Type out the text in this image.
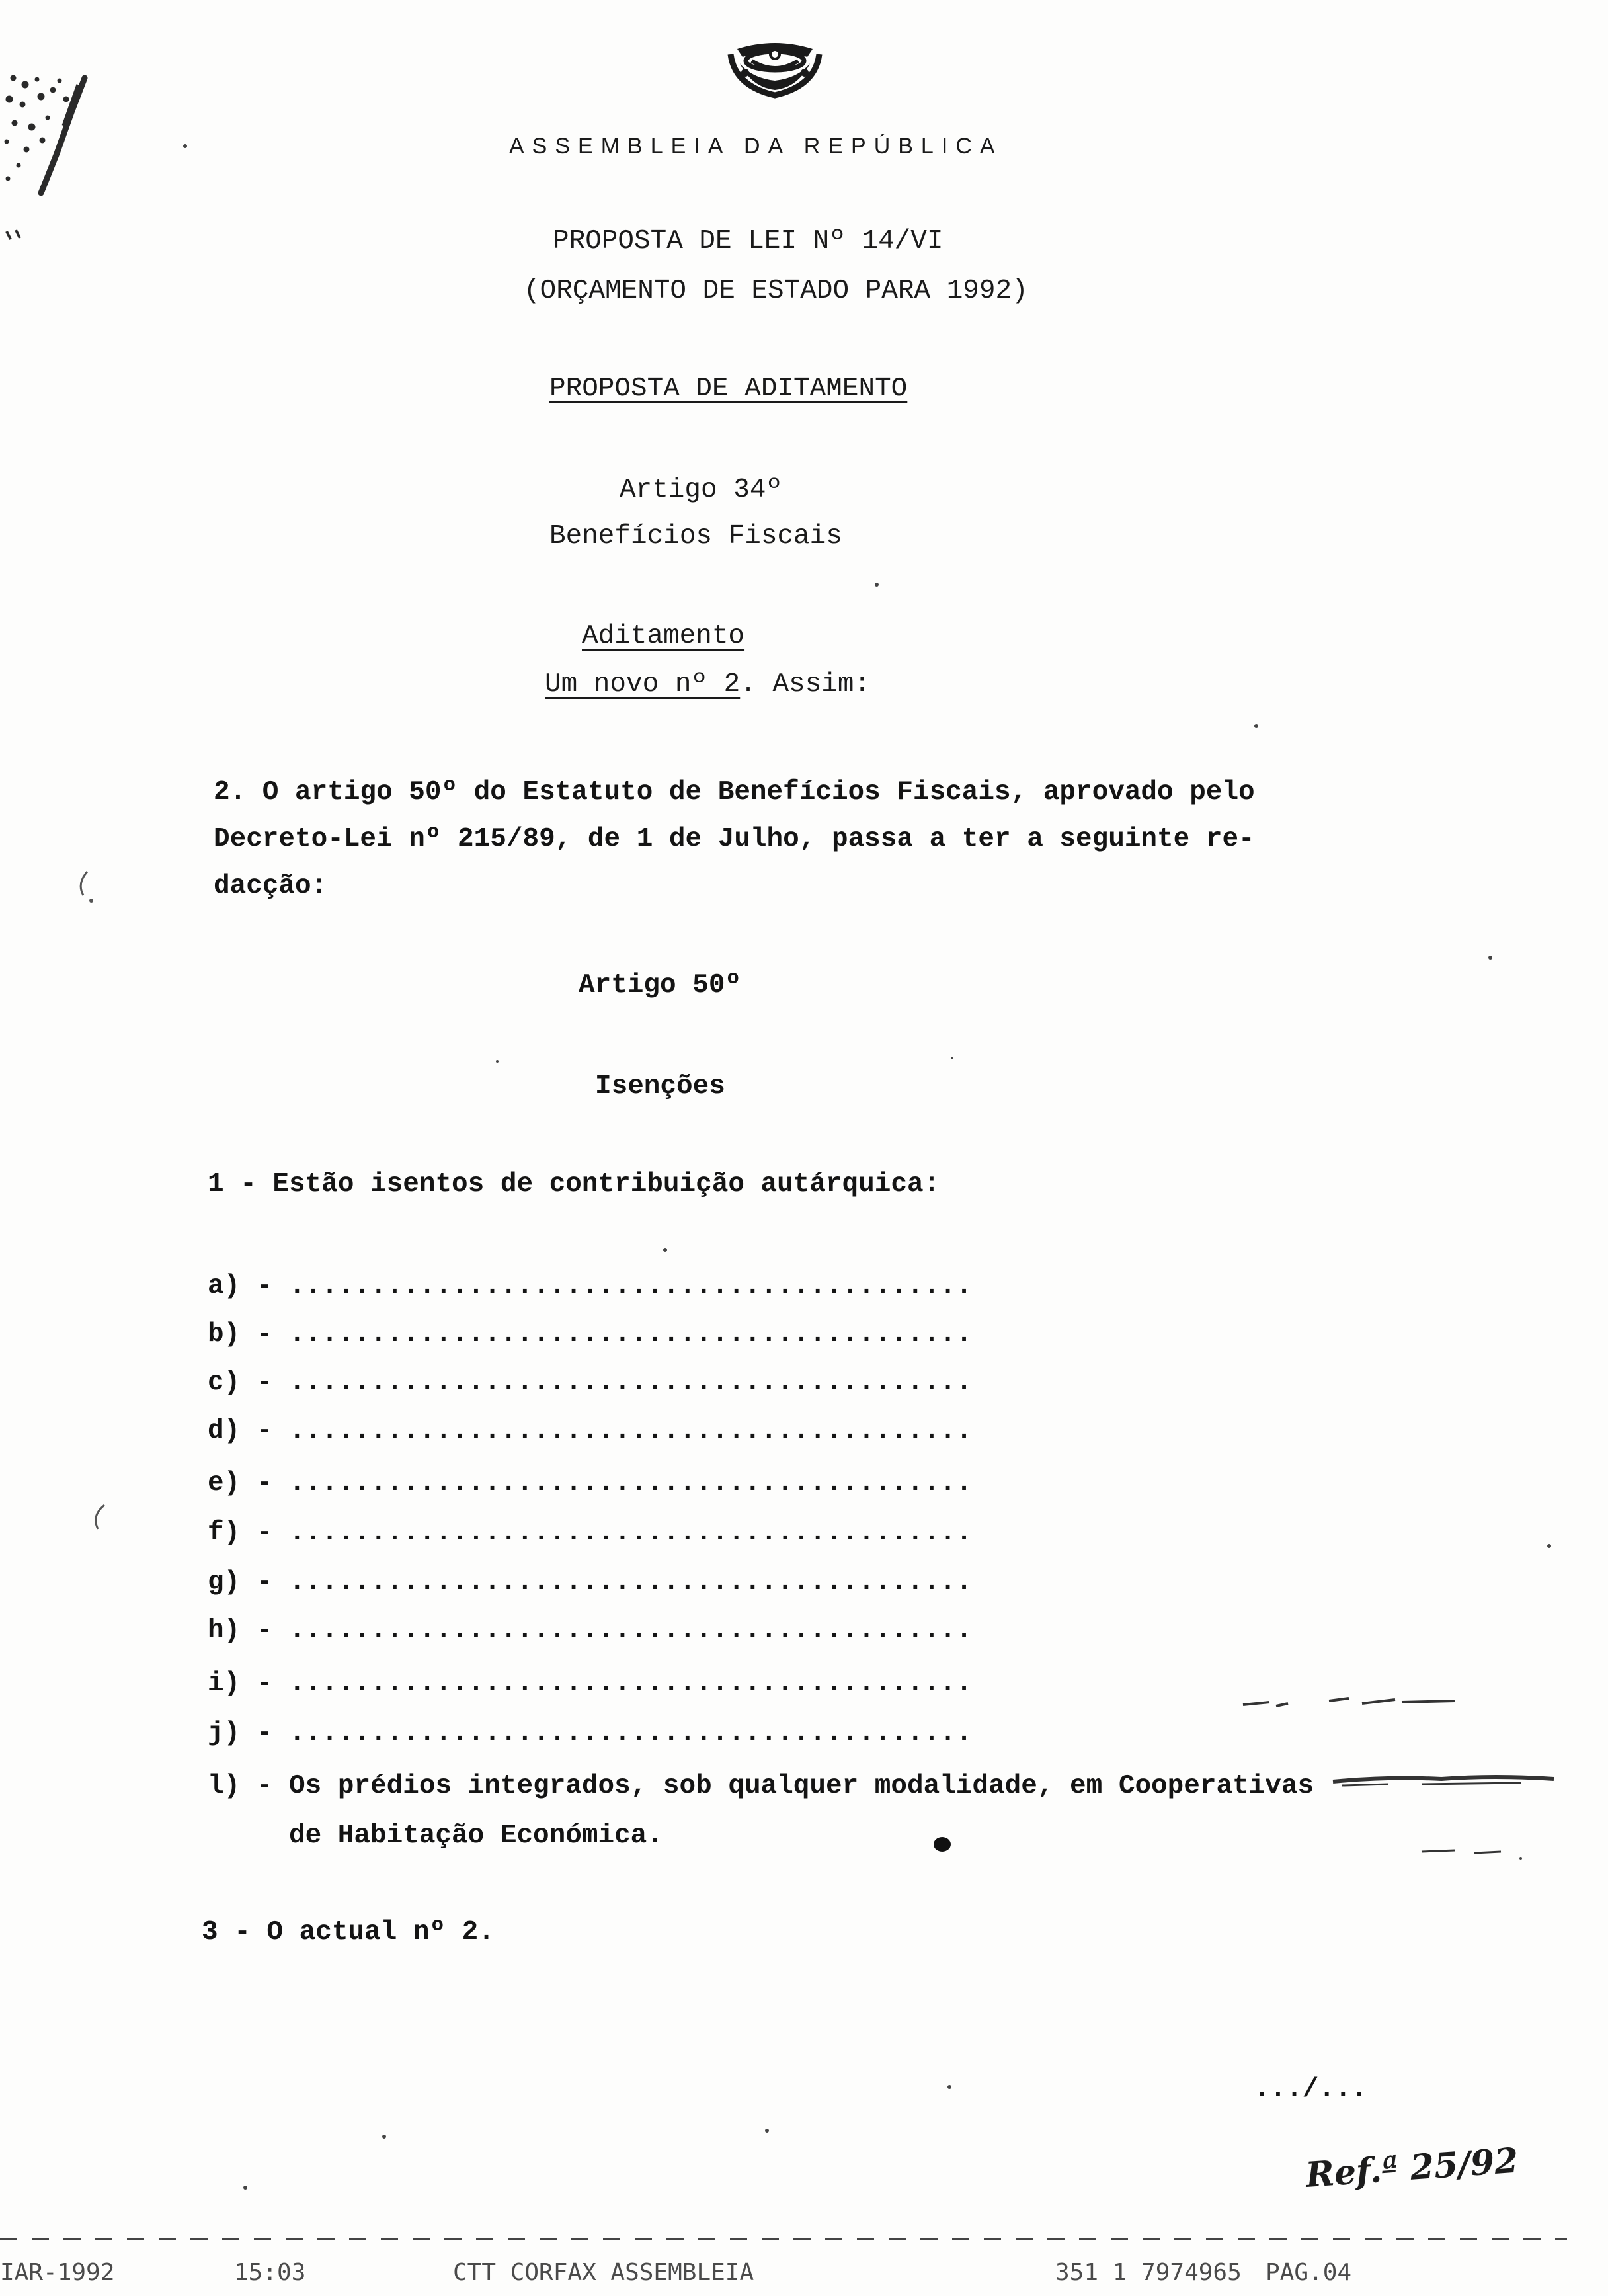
ASSEMBLEIA DA REPÚBLICA
PROPOSTA DE LEI Nº 14/VI
(ORÇAMENTO DE ESTADO PARA 1992)
PROPOSTA DE ADITAMENTO
Artigo 34º
Benefícios Fiscais
Aditamento
Um novo nº 2. Assim:
2. O artigo 50º do Estatuto de Benefícios Fiscais, aprovado pelo
Decreto-Lei nº 215/89, de 1 de Julho, passa a ter a seguinte re-
dacção:
Artigo 50º
Isenções
1 - Estão isentos de contribuição autárquica:
a) - ..........................................
b) - ..........................................
c) - ..........................................
d) - ..........................................
e) - ..........................................
f) - ..........................................
g) - ..........................................
h) - ..........................................
i) - ..........................................
j) - ..........................................
l) - Os prédios integrados, sob qualquer modalidade, em Cooperativas
de Habitação Económica.
3 - O actual nº 2.
.../...
Ref.ª 25/92
IAR-1992	15:03	CTT CORFAX ASSEMBLEIA	351 1 7974965 PAG.04
